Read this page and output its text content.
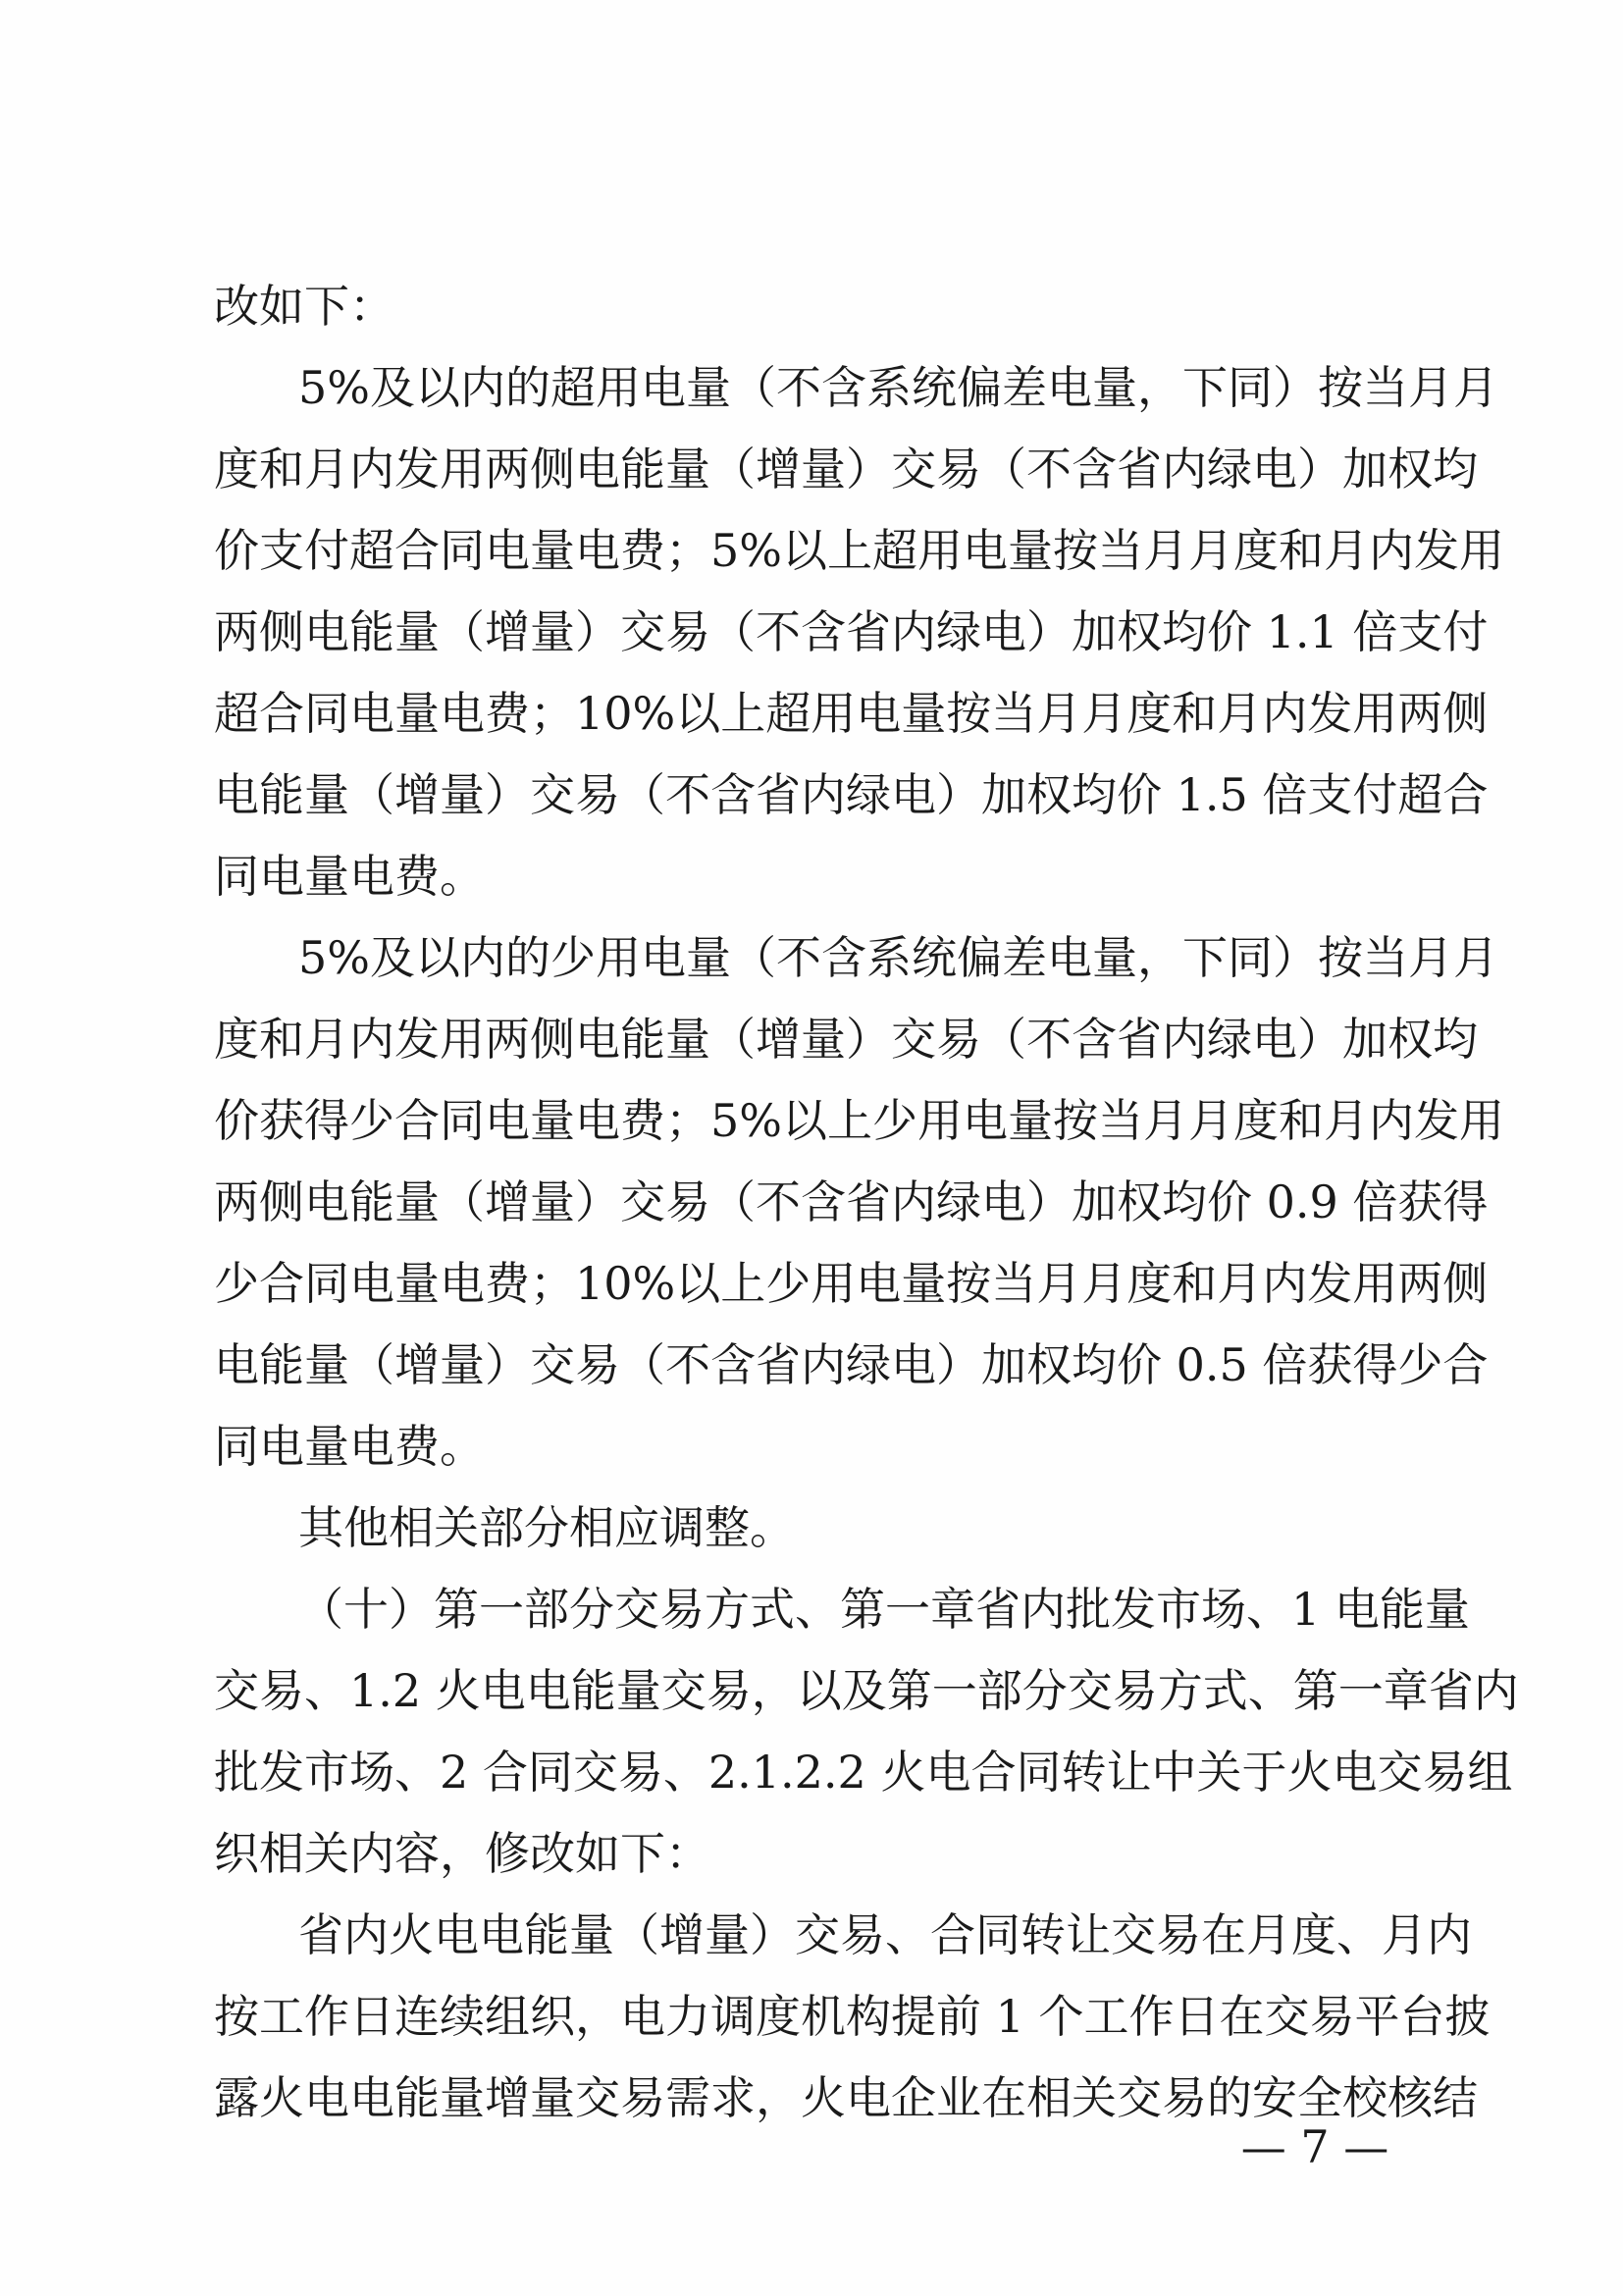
改如下：
5%及以内的超用电量（不含系统偏差电量，下同）按当月月
度和月内发用两侧电能量（增量）交易（不含省内绿电）加权均
价支付超合同电量电费；5%以上超用电量按当月月度和月内发用
两侧电能量（增量）交易（不含省内绿电）加权均价 1.1 倍支付
超合同电量电费；10%以上超用电量按当月月度和月内发用两侧
电能量（增量）交易（不含省内绿电）加权均价 1.5 倍支付超合
同电量电费。
5%及以内的少用电量（不含系统偏差电量，下同）按当月月
度和月内发用两侧电能量（增量）交易（不含省内绿电）加权均
价获得少合同电量电费；5%以上少用电量按当月月度和月内发用
两侧电能量（增量）交易（不含省内绿电）加权均价 0.9 倍获得
少合同电量电费；10%以上少用电量按当月月度和月内发用两侧
电能量（增量）交易（不含省内绿电）加权均价 0.5 倍获得少合
同电量电费。
其他相关部分相应调整。
（十）第一部分交易方式、第一章省内批发市场、1 电能量
交易、1.2 火电电能量交易，以及第一部分交易方式、第一章省内
批发市场、2 合同交易、2.1.2.2 火电合同转让中关于火电交易组
织相关内容，修改如下：
省内火电电能量（增量）交易、合同转让交易在月度、月内
按工作日连续组织，电力调度机构提前 1 个工作日在交易平台披
露火电电能量增量交易需求，火电企业在相关交易的安全校核结
— 7 —
